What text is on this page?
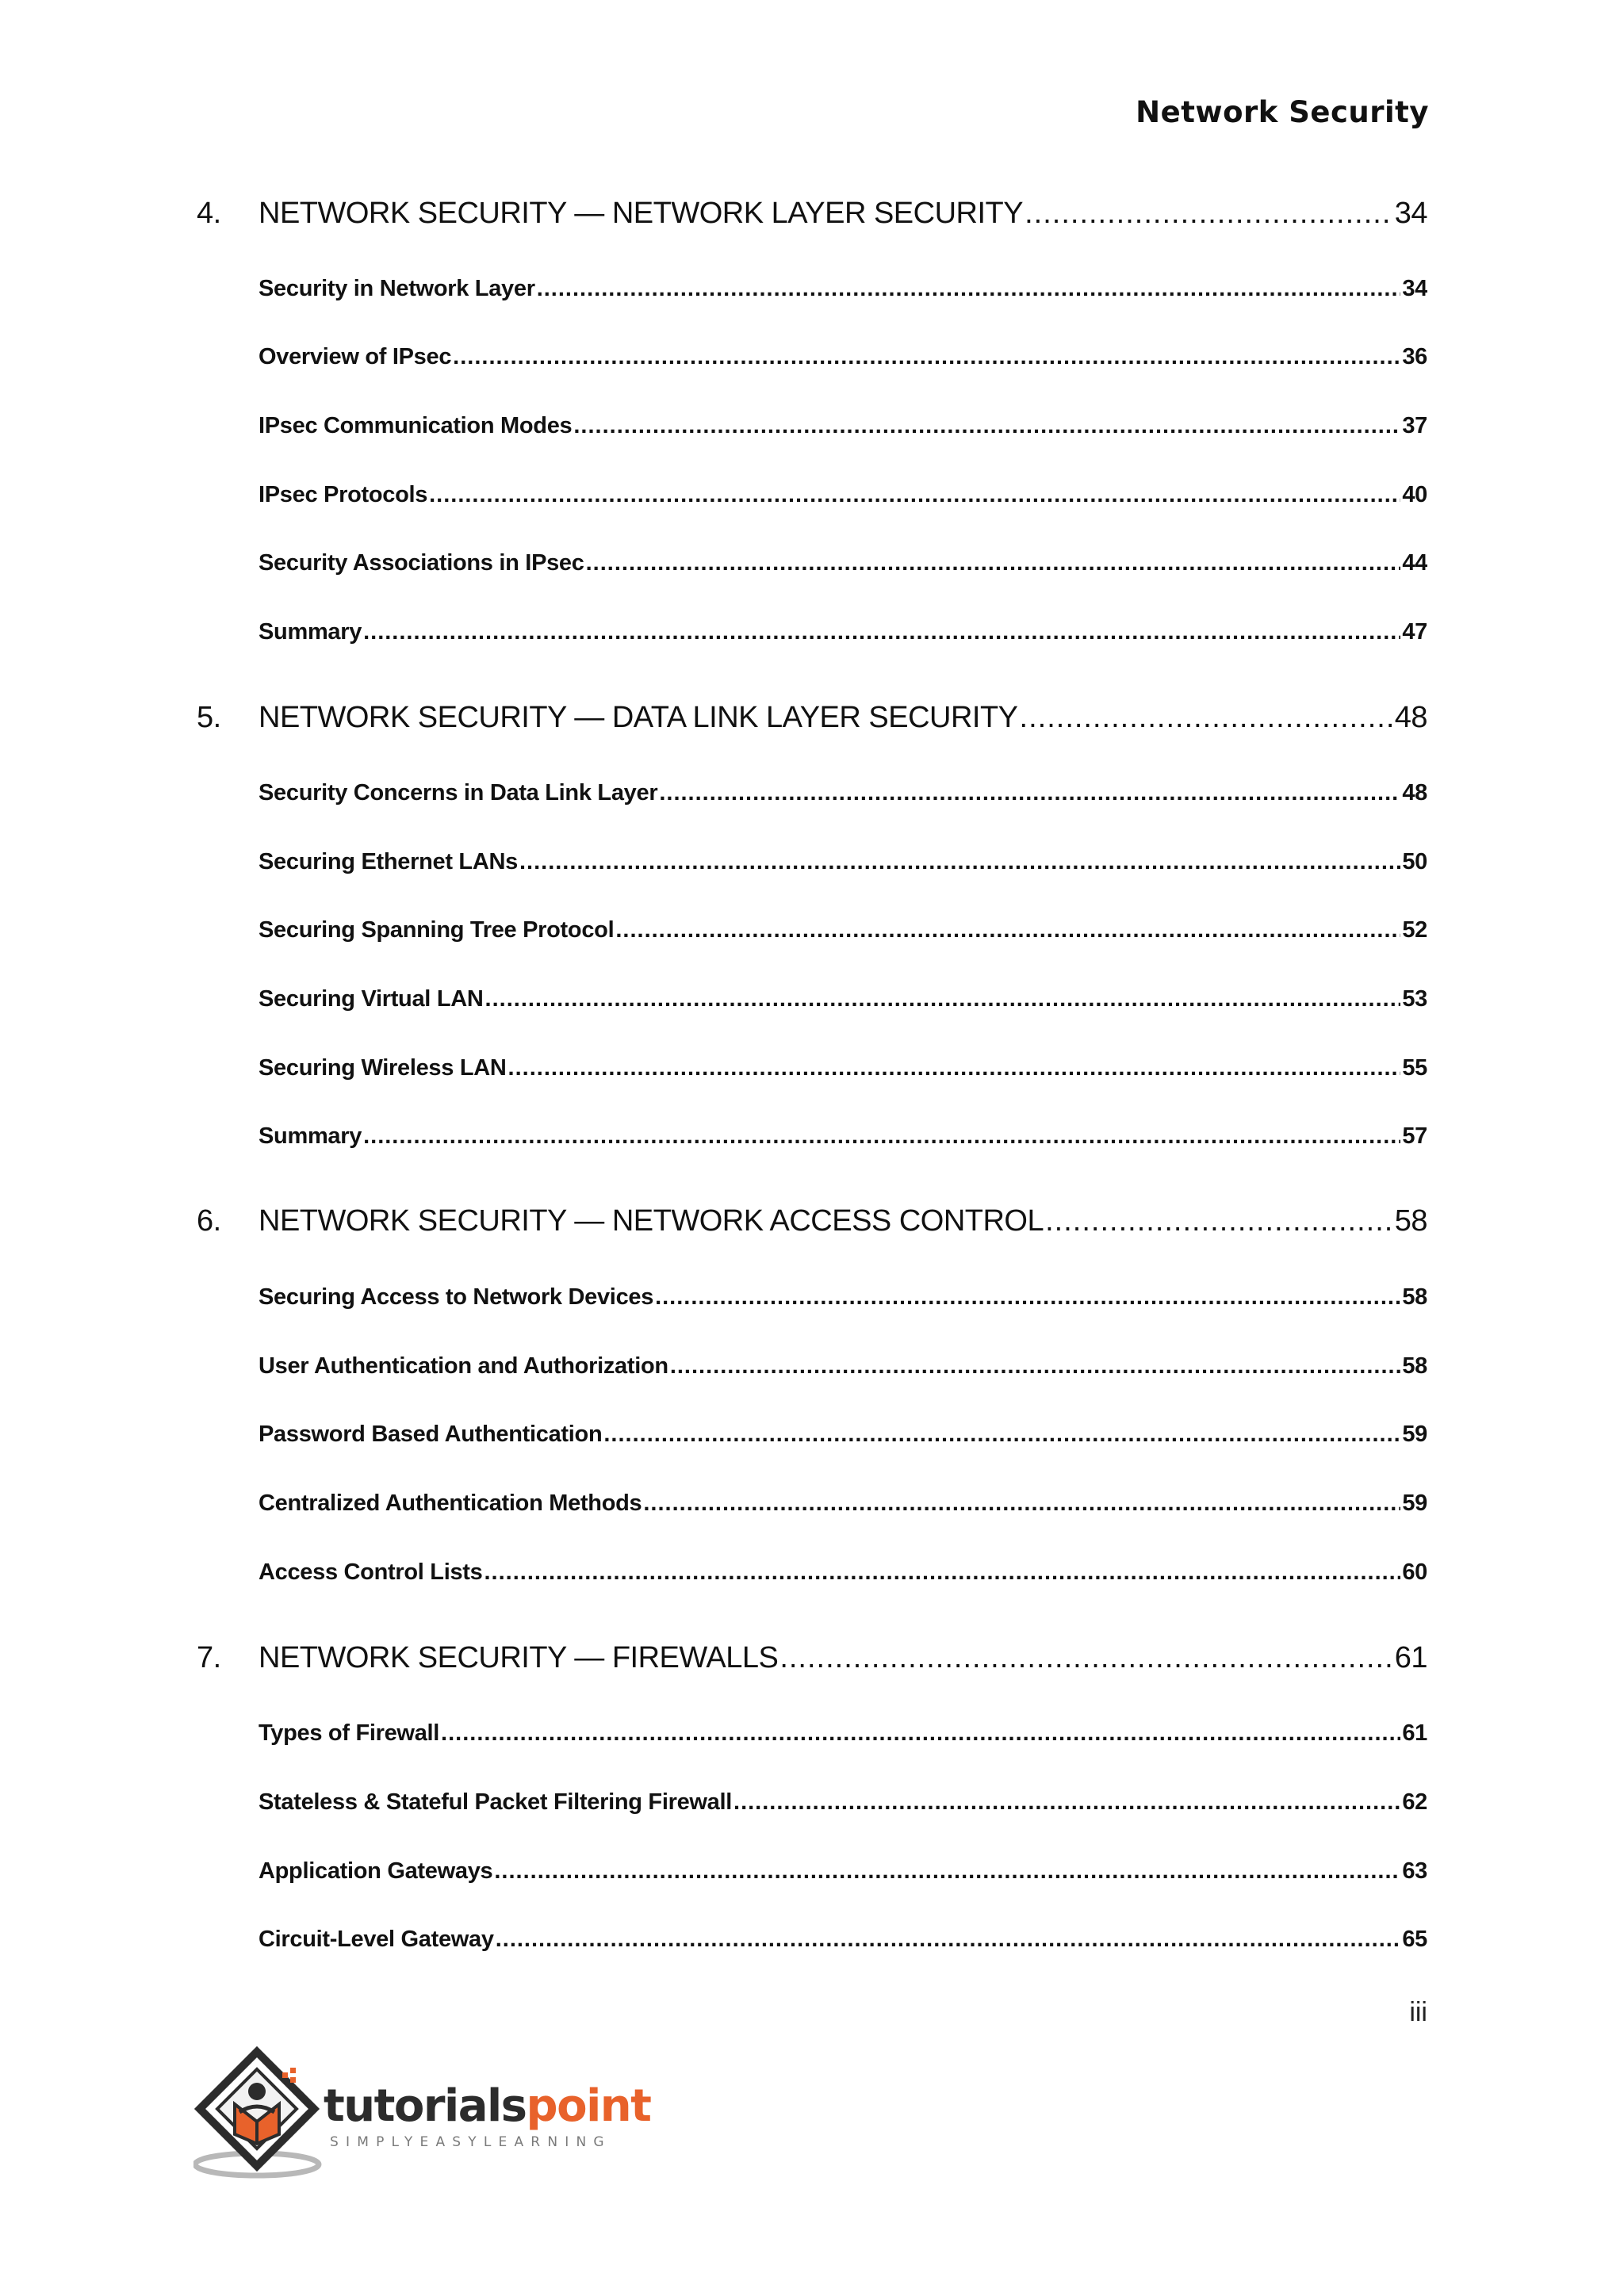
Network Security
4.	NETWORK SECURITY — NETWORK LAYER SECURITY .....	34
Security in Network Layer .....	34
Overview of IPsec .....	36
IPsec Communication Modes .....	37
IPsec Protocols .....	40
Security Associations in IPsec .....	44
Summary .....	47
5.	NETWORK SECURITY — DATA LINK LAYER SECURITY .....	48
Security Concerns in Data Link Layer .....	48
Securing Ethernet LANs .....	50
Securing Spanning Tree Protocol .....	52
Securing Virtual LAN .....	53
Securing Wireless LAN .....	55
Summary .....	57
6.	NETWORK SECURITY — NETWORK ACCESS CONTROL .....	58
Securing Access to Network Devices .....	58
User Authentication and Authorization .....	58
Password Based Authentication .....	59
Centralized Authentication Methods .....	59
Access Control Lists .....	60
7.	NETWORK SECURITY — FIREWALLS .....	61
Types of Firewall .....	61
Stateless & Stateful Packet Filtering Firewall .....	62
Application Gateways .....	63
Circuit-Level Gateway .....	65
iii
tutorialspoint
SIMPLYEASYLEARNING
